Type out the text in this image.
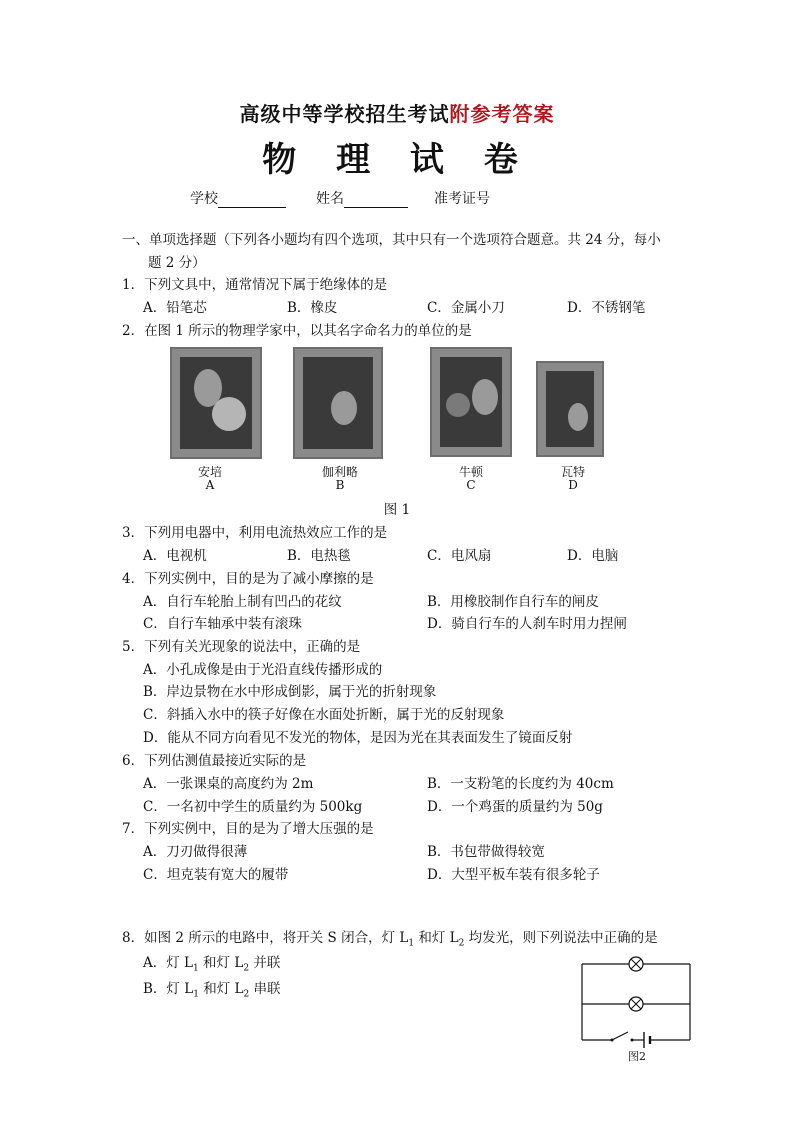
高级中等学校招生考试附参考答案
物 理 试 卷
学校	姓名	准考证号
一、单项选择题（下列各小题均有四个选项，其中只有一个选项符合题意。共 24 分，每小
题 2 分）
1．下列文具中，通常情况下属于绝缘体的是
A．铅笔芯	B．橡皮	C．金属小刀	D．不锈钢笔
2．在图 1 所示的物理学家中，以其名字命名力的单位的是
安培
A
伽利略
B
牛顿
C
瓦特
D
图 1
3．下列用电器中，利用电流热效应工作的是
A．电视机	B．电热毯	C．电风扇	D．电脑
4．下列实例中，目的是为了减小摩擦的是
A．自行车轮胎上制有凹凸的花纹	B．用橡胶制作自行车的闸皮
C．自行车轴承中装有滚珠	D．骑自行车的人刹车时用力捏闸
5．下列有关光现象的说法中，正确的是
A．小孔成像是由于光沿直线传播形成的
B．岸边景物在水中形成倒影，属于光的折射现象
C．斜插入水中的筷子好像在水面处折断，属于光的反射现象
D．能从不同方向看见不发光的物体，是因为光在其表面发生了镜面反射
6．下列估测值最接近实际的是
A．一张课桌的高度约为 2m	B．一支粉笔的长度约为 40cm
C．一名初中学生的质量约为 500kg	D．一个鸡蛋的质量约为 50g
7．下列实例中，目的是为了增大压强的是
A．刀刃做得很薄	B．书包带做得较宽
C．坦克装有宽大的履带	D．大型平板车装有很多轮子
8．如图 2 所示的电路中，将开关 S 闭合，灯 $L_1$ 和灯 $L_2$ 均发光，则下列说法中正确的是
A．灯 $L_1$ 和灯 $L_2$ 并联
B．灯 $L_1$ 和灯 $L_2$ 串联
图2
